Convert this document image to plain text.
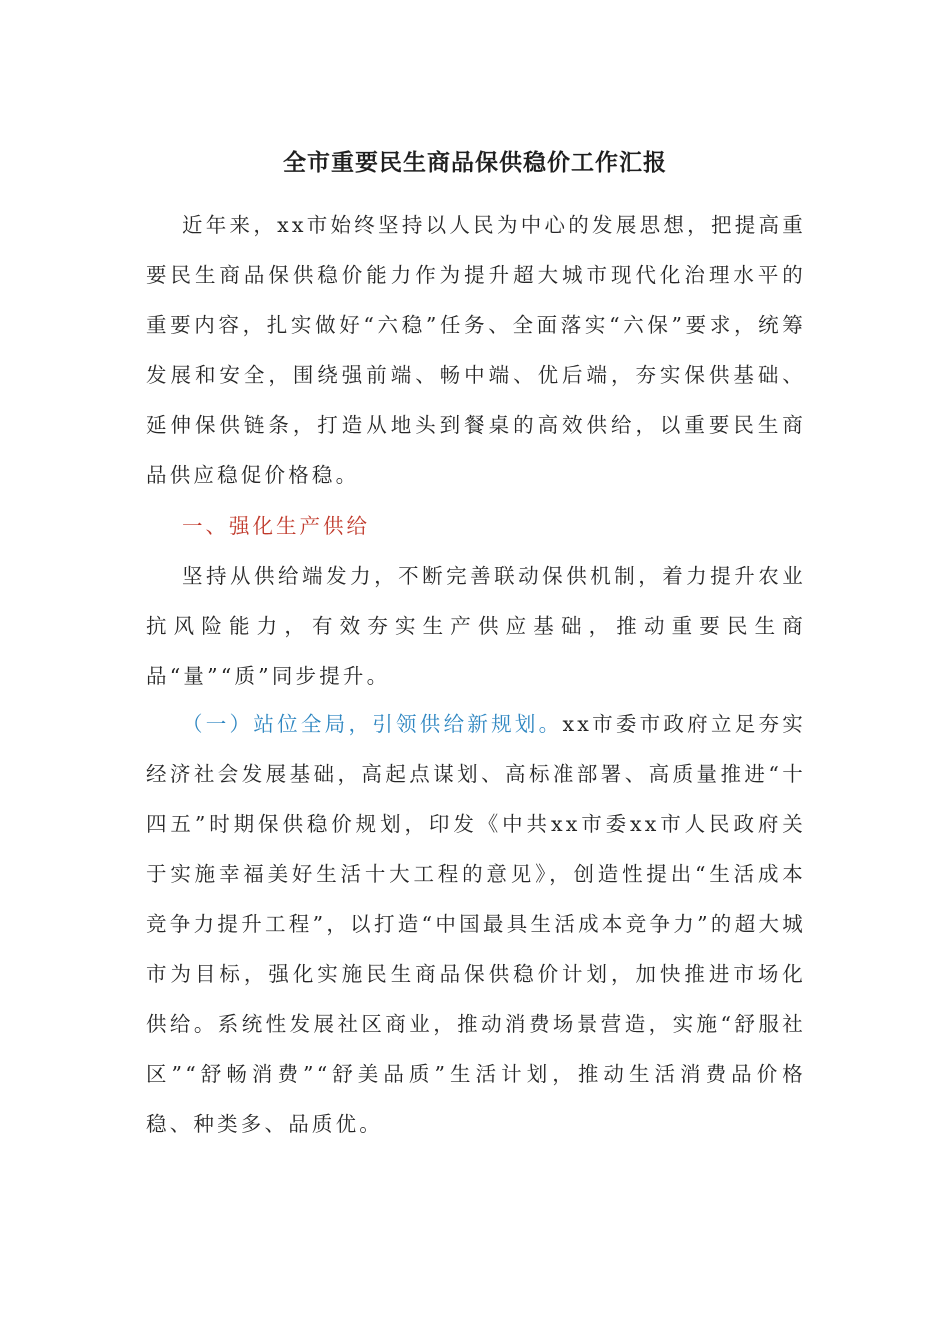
全市重要民生商品保供稳价工作汇报

近年来，xx市始终坚持以人民为中心的发展思想，把提高重要民生商品保供稳价能力作为提升超大城市现代化治理水平的重要内容，扎实做好“六稳”任务、全面落实“六保”要求，统筹发展和安全，围绕强前端、畅中端、优后端，夯实保供基础、延伸保供链条，打造从地头到餐桌的高效供给，以重要民生商品供应稳促价格稳。

一、强化生产供给

坚持从供给端发力，不断完善联动保供机制，着力提升农业抗风险能力，有效夯实生产供应基础，推动重要民生商品“量”“质”同步提升。

（一）站位全局，引领供给新规划。xx市委市政府立足夯实经济社会发展基础，高起点谋划、高标准部署、高质量推进“十四五”时期保供稳价规划，印发《中共xx市委xx市人民政府关于实施幸福美好生活十大工程的意见》，创造性提出“生活成本竞争力提升工程”，以打造“中国最具生活成本竞争力”的超大城市为目标，强化实施民生商品保供稳价计划，加快推进市场化供给。系统性发展社区商业，推动消费场景营造，实施“舒服社区”“舒畅消费”“舒美品质”生活计划，推动生活消费品价格稳、种类多、品质优。
